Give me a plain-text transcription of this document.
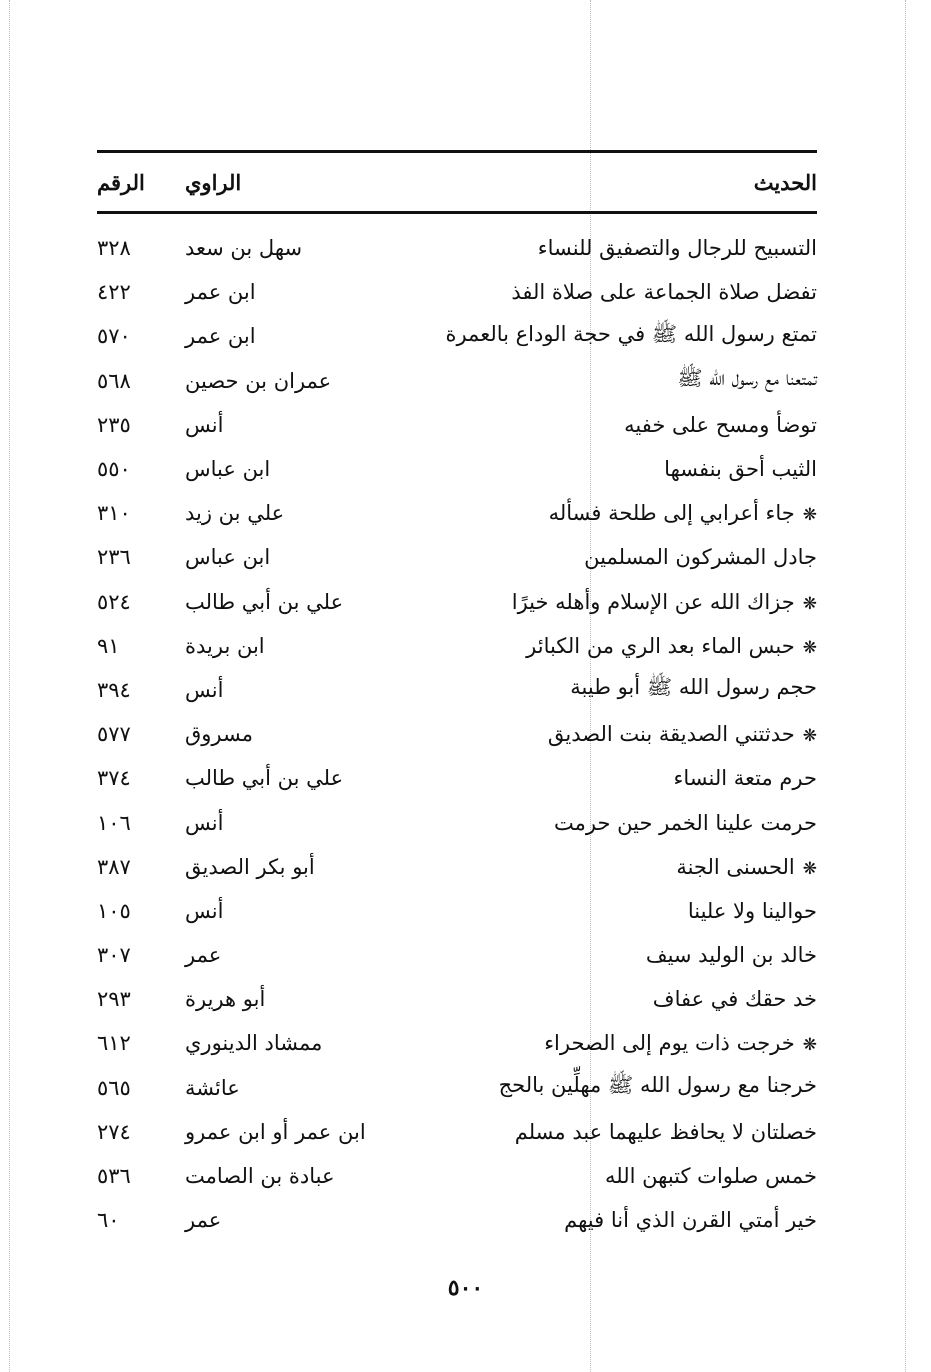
الحديث
الراوي
الرقم
التسبيح للرجال والتصفيق للنساء
سهل بن سعد
٣٢٨
تفضل صلاة الجماعة على صلاة الفذ
ابن عمر
٤٢٢
تمتع رسول الله ﷺ في حجة الوداع بالعمرة
ابن عمر
٥٧٠
تمتعنا مع رسول الله ﷺ
عمران بن حصين
٥٦٨
توضأ ومسح على خفيه
أنس
٢٣٥
الثيب أحق بنفسها
ابن عباس
٥٥٠
❋جاء أعرابي إلى طلحة فسأله
علي بن زيد
٣١٠
جادل المشركون المسلمين
ابن عباس
٢٣٦
❋جزاك الله عن الإسلام وأهله خيرًا
علي بن أبي طالب
٥٢٤
❋حبس الماء بعد الري من الكبائر
ابن بريدة
٩١
حجم رسول الله ﷺ أبو طيبة
أنس
٣٩٤
❋حدثتني الصديقة بنت الصديق
مسروق
٥٧٧
حرم متعة النساء
علي بن أبي طالب
٣٧٤
حرمت علينا الخمر حين حرمت
أنس
١٠٦
❋الحسنى الجنة
أبو بكر الصديق
٣٨٧
حوالينا ولا علينا
أنس
١٠٥
خالد بن الوليد سيف
عمر
٣٠٧
خد حقك في عفاف
أبو هريرة
٢٩٣
❋خرجت ذات يوم إلى الصحراء
ممشاد الدينوري
٦١٢
خرجنا مع رسول الله ﷺ مهلِّين بالحج
عائشة
٥٦٥
خصلتان لا يحافظ عليهما عبد مسلم
ابن عمر أو ابن عمرو
٢٧٤
خمس صلوات كتبهن الله
عبادة بن الصامت
٥٣٦
خير أمتي القرن الذي أنا فيهم
عمر
٦٠
٥٠٠
